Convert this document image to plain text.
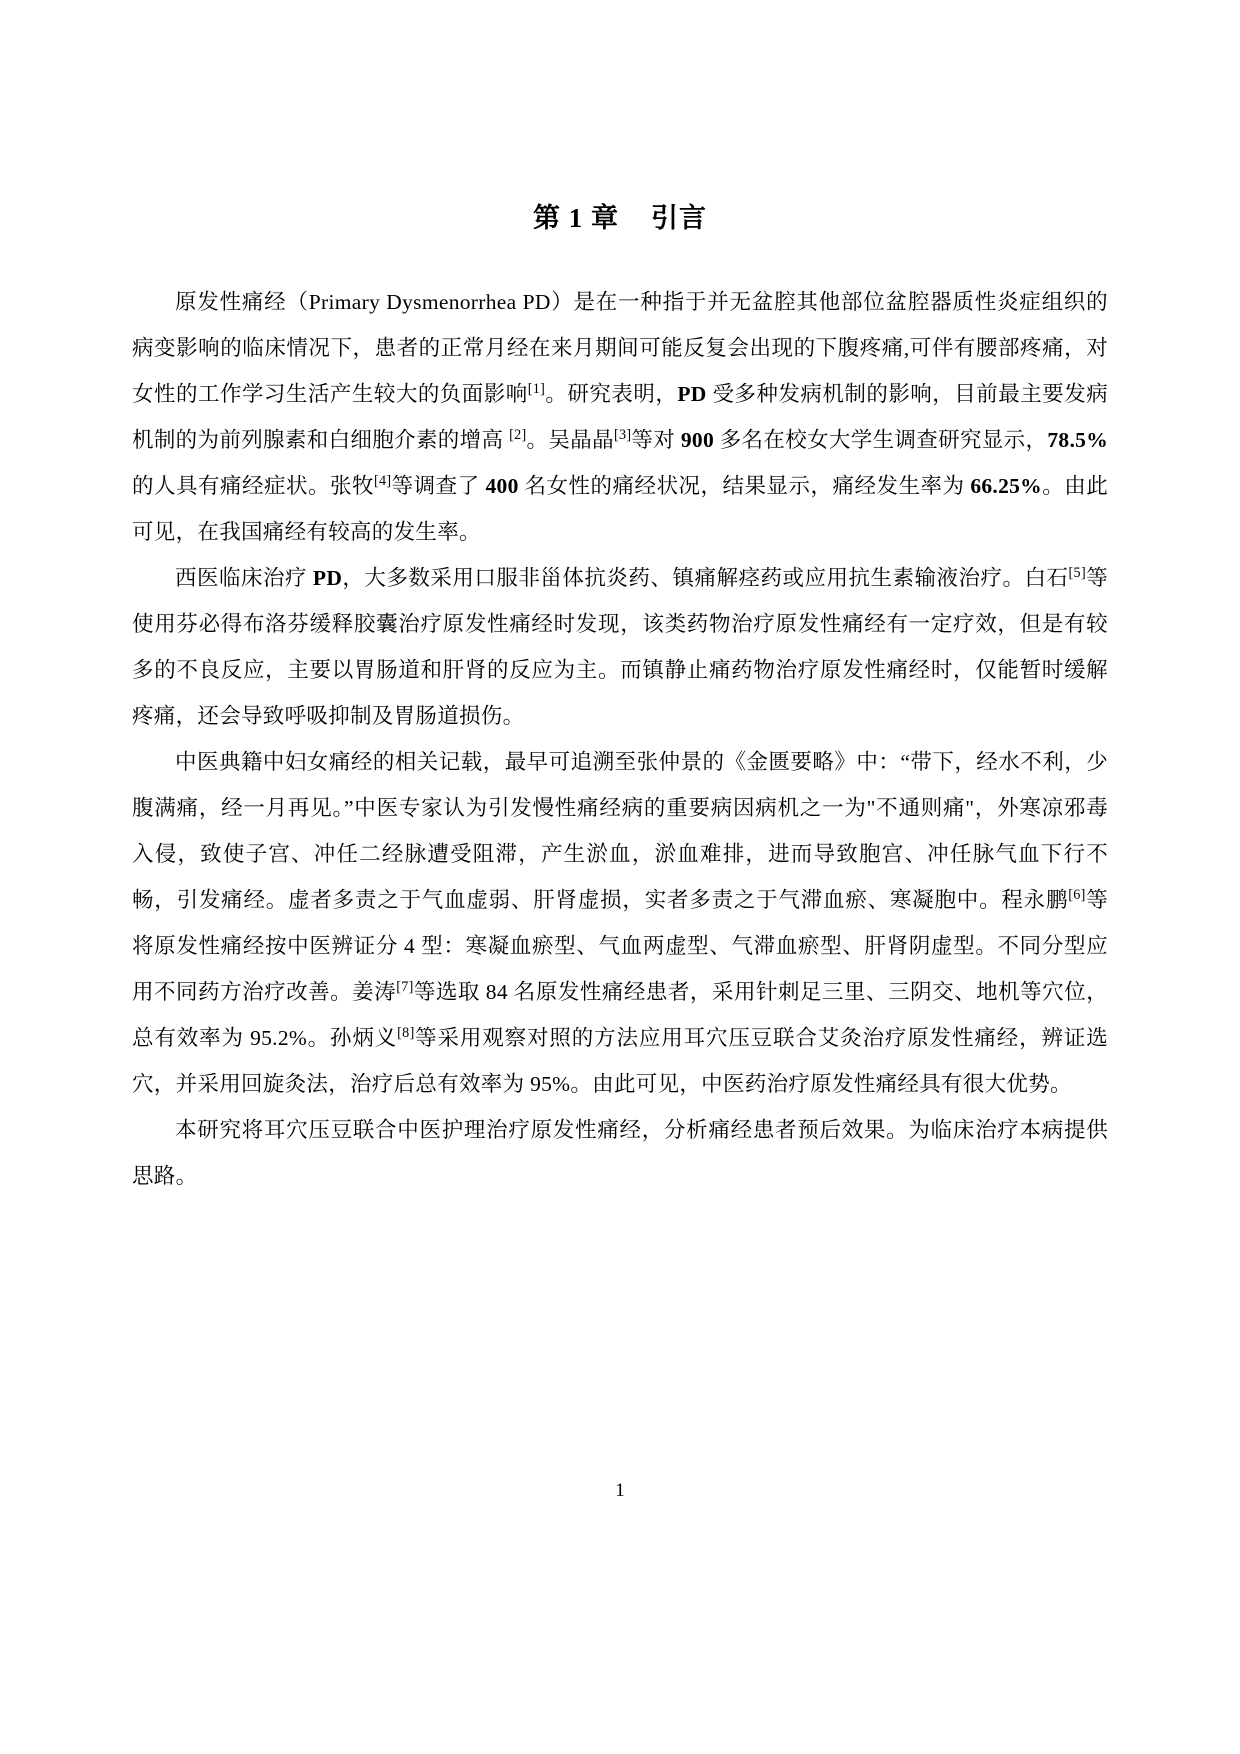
第 1 章 引言

原发性痛经（Primary Dysmenorrhea PD）是在一种指于并无盆腔其他部位盆腔器质性炎症组织的病变影响的临床情况下，患者的正常月经在来月期间可能反复会出现的下腹疼痛,可伴有腰部疼痛，对女性的工作学习生活产生较大的负面影响[1]。研究表明，PD 受多种发病机制的影响，目前最主要发病机制的为前列腺素和白细胞介素的增高 [2]。吴晶晶[3]等对 900 多名在校女大学生调查研究显示，78.5%的人具有痛经症状。张牧[4]等调查了 400 名女性的痛经状况，结果显示，痛经发生率为 66.25%。由此可见，在我国痛经有较高的发生率。

西医临床治疗 PD，大多数采用口服非甾体抗炎药、镇痛解痉药或应用抗生素输液治疗。白石[5]等使用芬必得布洛芬缓释胶囊治疗原发性痛经时发现，该类药物治疗原发性痛经有一定疗效，但是有较多的不良反应，主要以胃肠道和肝肾的反应为主。而镇静止痛药物治疗原发性痛经时，仅能暂时缓解疼痛，还会导致呼吸抑制及胃肠道损伤。

中医典籍中妇女痛经的相关记载，最早可追溯至张仲景的《金匮要略》中：“带下，经水不利，少腹满痛，经一月再见。”中医专家认为引发慢性痛经病的重要病因病机之一为"不通则痛"，外寒凉邪毒入侵，致使子宫、冲任二经脉遭受阻滞，产生淤血，淤血难排，进而导致胞宫、冲任脉气血下行不畅，引发痛经。虚者多责之于气血虚弱、肝肾虚损，实者多责之于气滞血瘀、寒凝胞中。程永鹏[6]等将原发性痛经按中医辨证分 4 型：寒凝血瘀型、气血两虚型、气滞血瘀型、肝肾阴虚型。不同分型应用不同药方治疗改善。姜涛[7]等选取 84 名原发性痛经患者，采用针刺足三里、三阴交、地机等穴位，总有效率为 95.2%。孙炳义[8]等采用观察对照的方法应用耳穴压豆联合艾灸治疗原发性痛经，辨证选穴，并采用回旋灸法，治疗后总有效率为 95%。由此可见，中医药治疗原发性痛经具有很大优势。

本研究将耳穴压豆联合中医护理治疗原发性痛经，分析痛经患者预后效果。为临床治疗本病提供思路。

1
